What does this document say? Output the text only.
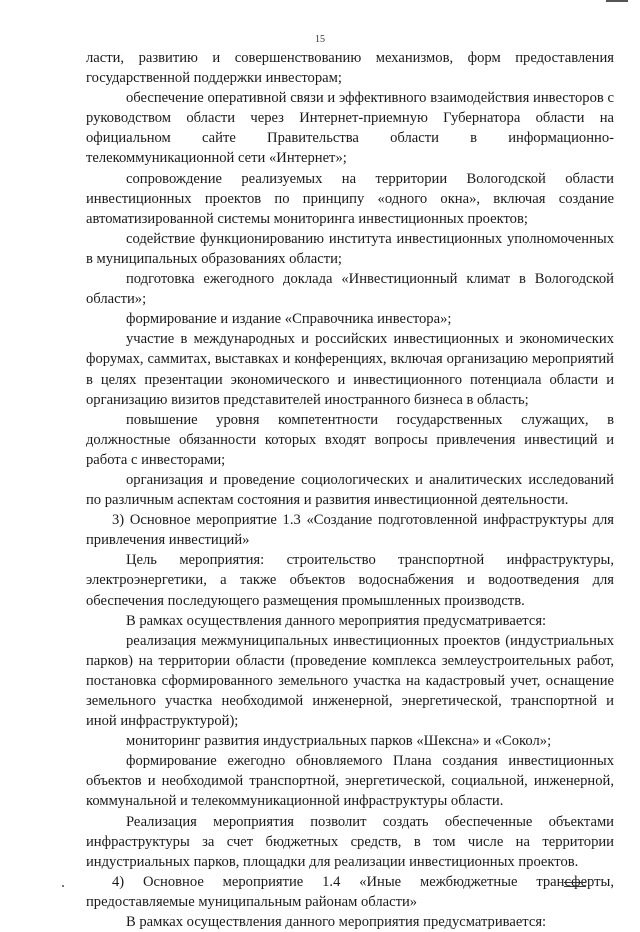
15

ласти, развитию и совершенствованию механизмов, форм предоставления государственной поддержки инвесторам;

обеспечение оперативной связи и эффективного взаимодействия инвесторов с руководством области через Интернет-приемную Губернатора области на официальном сайте Правительства области в информационно-телекоммуникационной сети «Интернет»;

сопровождение реализуемых на территории Вологодской области инвестиционных проектов по принципу «одного окна», включая создание автоматизированной системы мониторинга инвестиционных проектов;

содействие функционированию института инвестиционных уполномоченных в муниципальных образованиях области;

подготовка ежегодного доклада «Инвестиционный климат в Вологодской области»;

формирование и издание «Справочника инвестора»;

участие в международных и российских инвестиционных и экономических форумах, саммитах, выставках и конференциях, включая организацию мероприятий в целях презентации экономического и инвестиционного потенциала области и организацию визитов представителей иностранного бизнеса в область;

повышение уровня компетентности государственных служащих, в должностные обязанности которых входят вопросы привлечения инвестиций и работа с инвесторами;

организация и проведение социологических и аналитических исследований по различным аспектам состояния и развития инвестиционной деятельности.

3) Основное мероприятие 1.3 «Создание подготовленной инфраструктуры для привлечения инвестиций»

Цель мероприятия: строительство транспортной инфраструктуры, электроэнергетики, а также объектов водоснабжения и водоотведения для обеспечения последующего размещения промышленных производств.

В рамках осуществления данного мероприятия предусматривается:

реализация межмуниципальных инвестиционных проектов (индустриальных парков) на территории области (проведение комплекса землеустроительных работ, постановка сформированного земельного участка на кадастровый учет, оснащение земельного участка необходимой инженерной, энергетической, транспортной и иной инфраструктурой);

мониторинг развития индустриальных парков «Шексна» и «Сокол»;

формирование ежегодно обновляемого Плана создания инвестиционных объектов и необходимой транспортной, энергетической, социальной, инженерной, коммунальной и телекоммуникационной инфраструктуры области.

Реализация мероприятия позволит создать обеспеченные объектами инфраструктуры за счет бюджетных средств, в том числе на территории индустриальных парков, площадки для реализации инвестиционных проектов.

4) Основное мероприятие 1.4 «Иные межбюджетные трансферты, предоставляемые муниципальным районам области»

В рамках осуществления данного мероприятия предусматривается:
